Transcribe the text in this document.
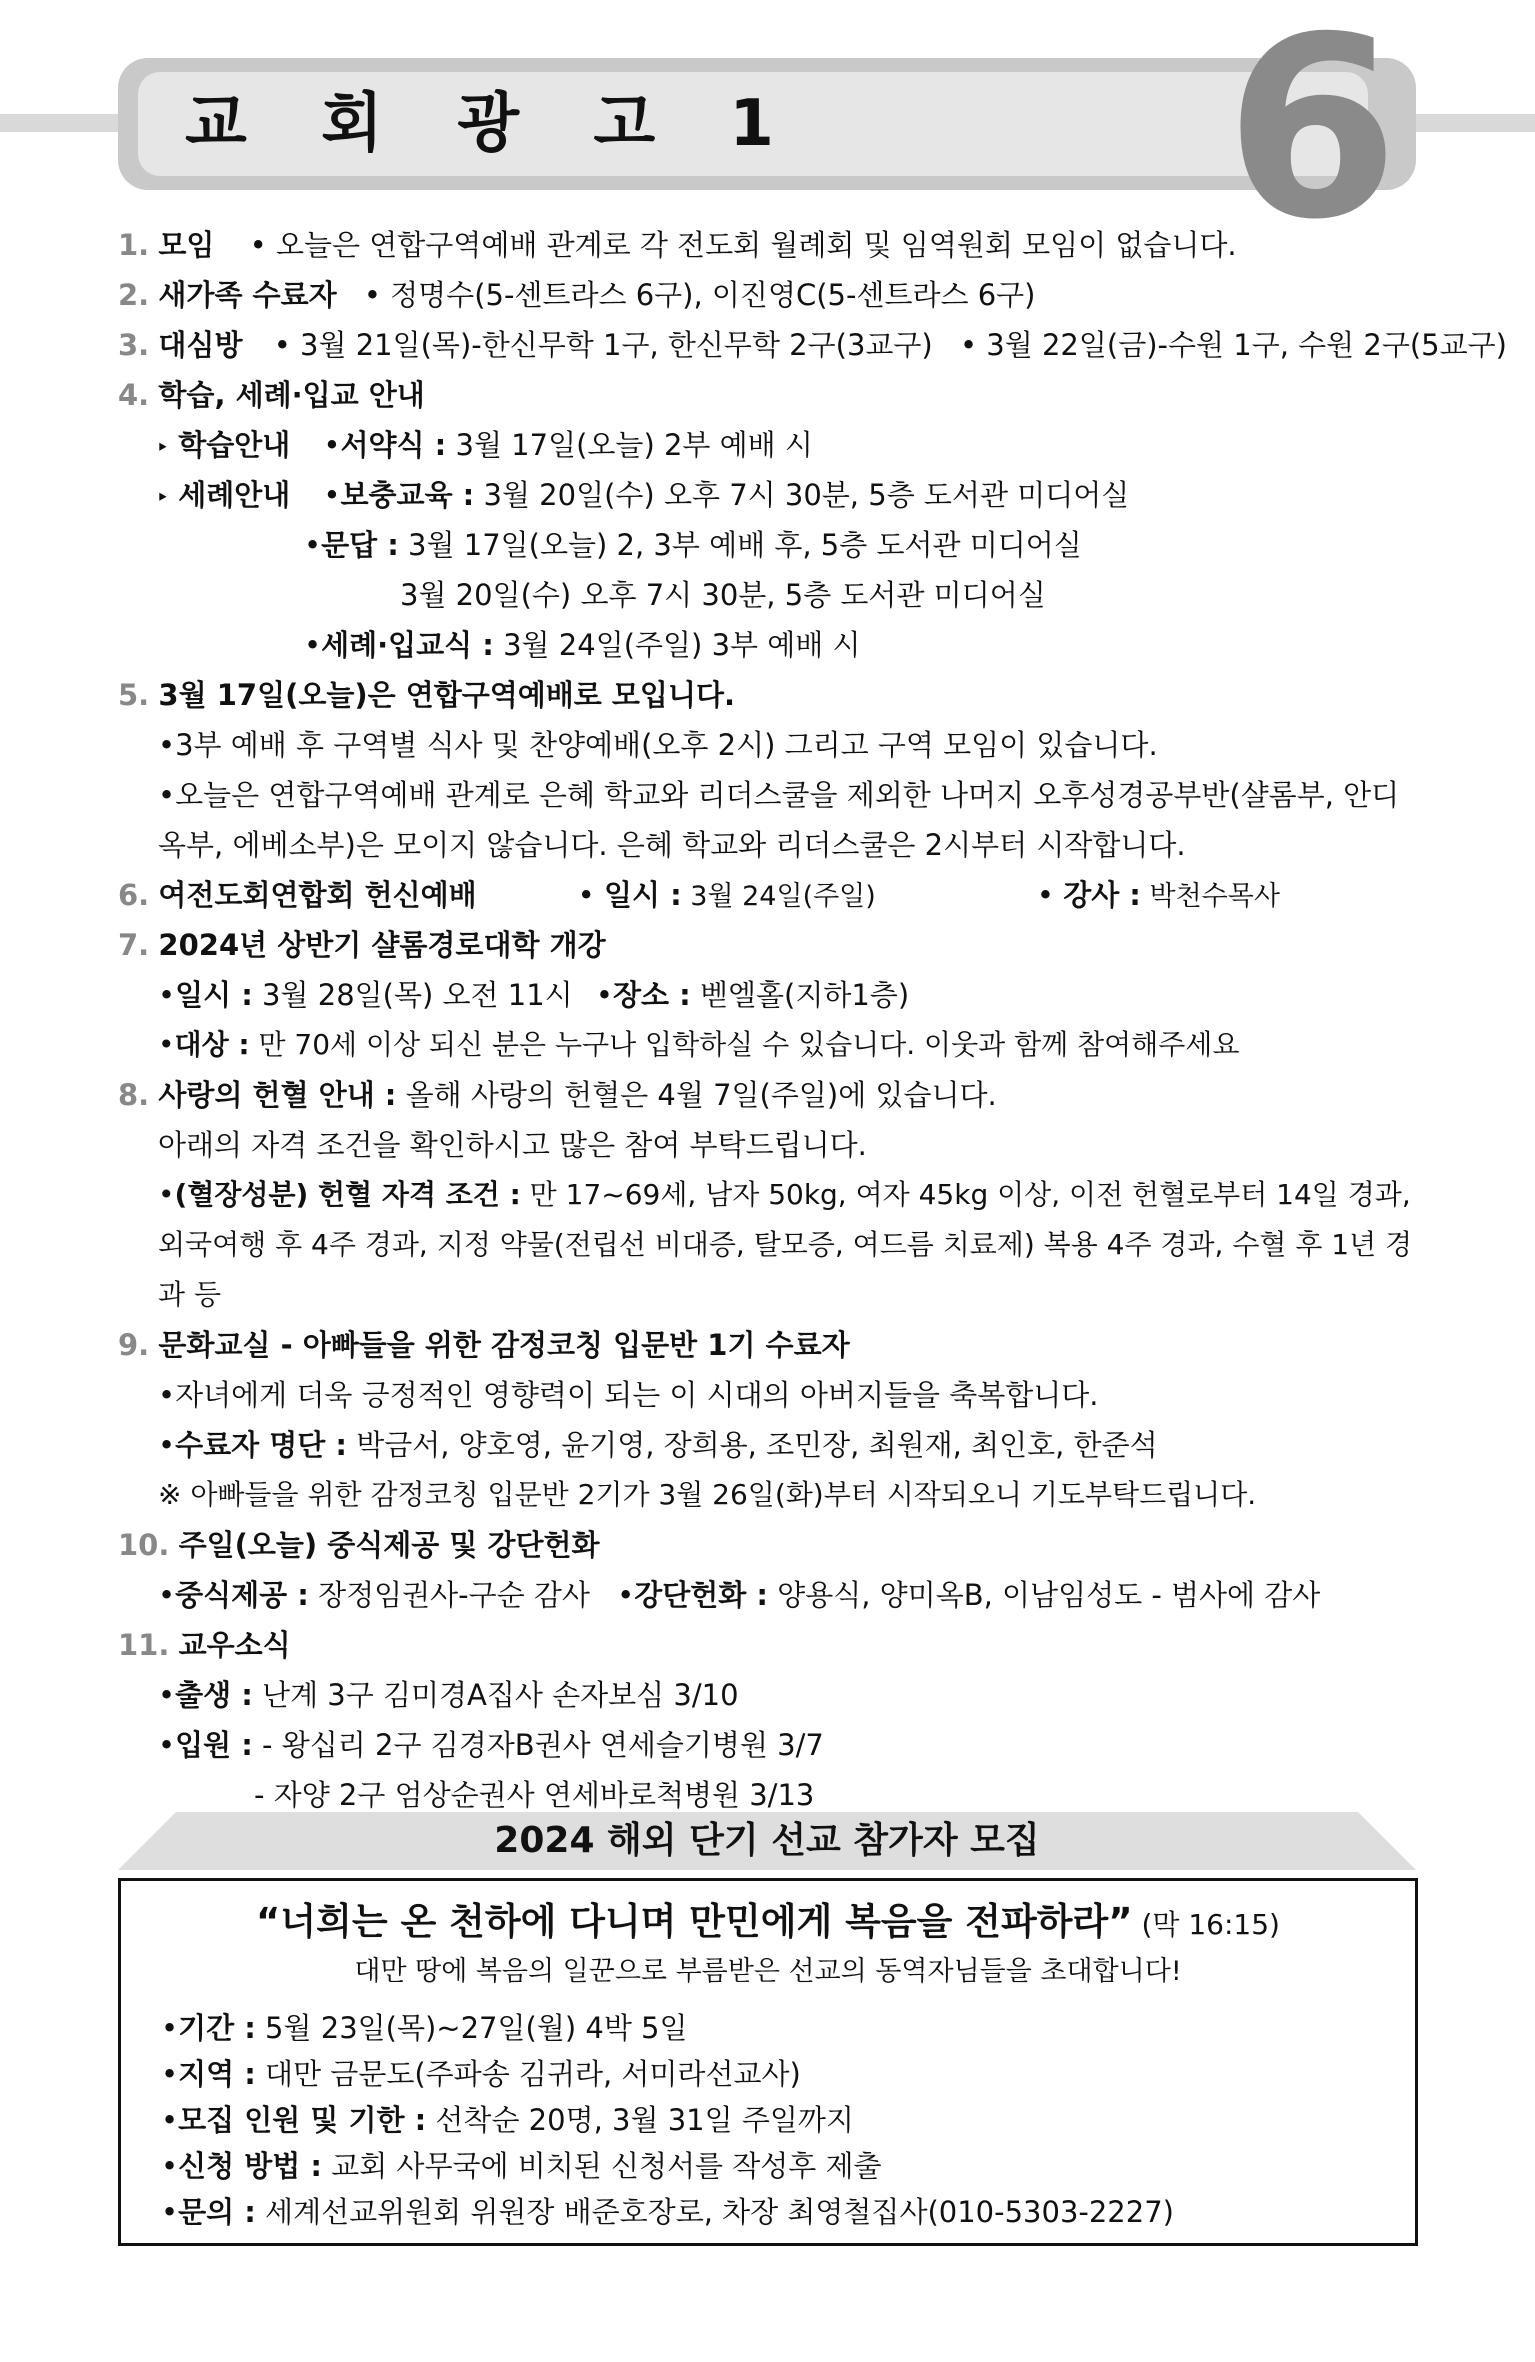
교 회 광 고 1 6
1. 모임 • 오늘은 연합구역예배 관계로 각 전도회 월례회 및 임역원회 모임이 없습니다.
2. 새가족 수료자 • 정명수(5-센트라스 6구), 이진영C(5-센트라스 6구)
3. 대심방 • 3월 21일(목)-한신무학 1구, 한신무학 2구(3교구) • 3월 22일(금)-수원 1구, 수원 2구(5교구)
4. 학습, 세례·입교 안내
‣ 학습안내 •서약식 : 3월 17일(오늘) 2부 예배 시
‣ 세례안내 •보충교육 : 3월 20일(수) 오후 7시 30분, 5층 도서관 미디어실
•문답 : 3월 17일(오늘) 2, 3부 예배 후, 5층 도서관 미디어실
3월 20일(수) 오후 7시 30분, 5층 도서관 미디어실
•세례·입교식 : 3월 24일(주일) 3부 예배 시
5. 3월 17일(오늘)은 연합구역예배로 모입니다.
•3부 예배 후 구역별 식사 및 찬양예배(오후 2시) 그리고 구역 모임이 있습니다.
•오늘은 연합구역예배 관계로 은혜 학교와 리더스쿨을 제외한 나머지 오후성경공부반(샬롬부, 안디옥부, 에베소부)은 모이지 않습니다. 은혜 학교와 리더스쿨은 2시부터 시작합니다.
6. 여전도회연합회 헌신예배	• 일시 : 3월 24일(주일)	• 강사 : 박천수목사
7. 2024년 상반기 샬롬경로대학 개강
•일시 : 3월 28일(목) 오전 11시 •장소 : 벧엘홀(지하1층)
•대상 : 만 70세 이상 되신 분은 누구나 입학하실 수 있습니다. 이웃과 함께 참여해주세요
8. 사랑의 헌혈 안내 : 올해 사랑의 헌혈은 4월 7일(주일)에 있습니다.
아래의 자격 조건을 확인하시고 많은 참여 부탁드립니다.
•(혈장성분) 헌혈 자격 조건 : 만 17~69세, 남자 50kg, 여자 45kg 이상, 이전 헌혈로부터 14일 경과, 외국여행 후 4주 경과, 지정 약물(전립선 비대증, 탈모증, 여드름 치료제) 복용 4주 경과, 수혈 후 1년 경과 등
9. 문화교실 - 아빠들을 위한 감정코칭 입문반 1기 수료자
•자녀에게 더욱 긍정적인 영향력이 되는 이 시대의 아버지들을 축복합니다.
•수료자 명단 : 박금서, 양호영, 윤기영, 장희용, 조민장, 최원재, 최인호, 한준석
※ 아빠들을 위한 감정코칭 입문반 2기가 3월 26일(화)부터 시작되오니 기도부탁드립니다.
10. 주일(오늘) 중식제공 및 강단헌화
•중식제공 : 장정임권사-구순 감사 •강단헌화 : 양용식, 양미옥B, 이남임성도 - 범사에 감사
11. 교우소식
•출생 : 난계 3구 김미경A집사 손자보심 3/10
•입원 : - 왕십리 2구 김경자B권사 연세슬기병원 3/7
- 자양 2구 엄상순권사 연세바로척병원 3/13
2024 해외 단기 선교 참가자 모집
“너희는 온 천하에 다니며 만민에게 복음을 전파하라” (막 16:15)
대만 땅에 복음의 일꾼으로 부름받은 선교의 동역자님들을 초대합니다!
•기간 : 5월 23일(목)~27일(월) 4박 5일
•지역 : 대만 금문도(주파송 김귀라, 서미라선교사)
•모집 인원 및 기한 : 선착순 20명, 3월 31일 주일까지
•신청 방법 : 교회 사무국에 비치된 신청서를 작성후 제출
•문의 : 세계선교위원회 위원장 배준호장로, 차장 최영철집사(010-5303-2227)
